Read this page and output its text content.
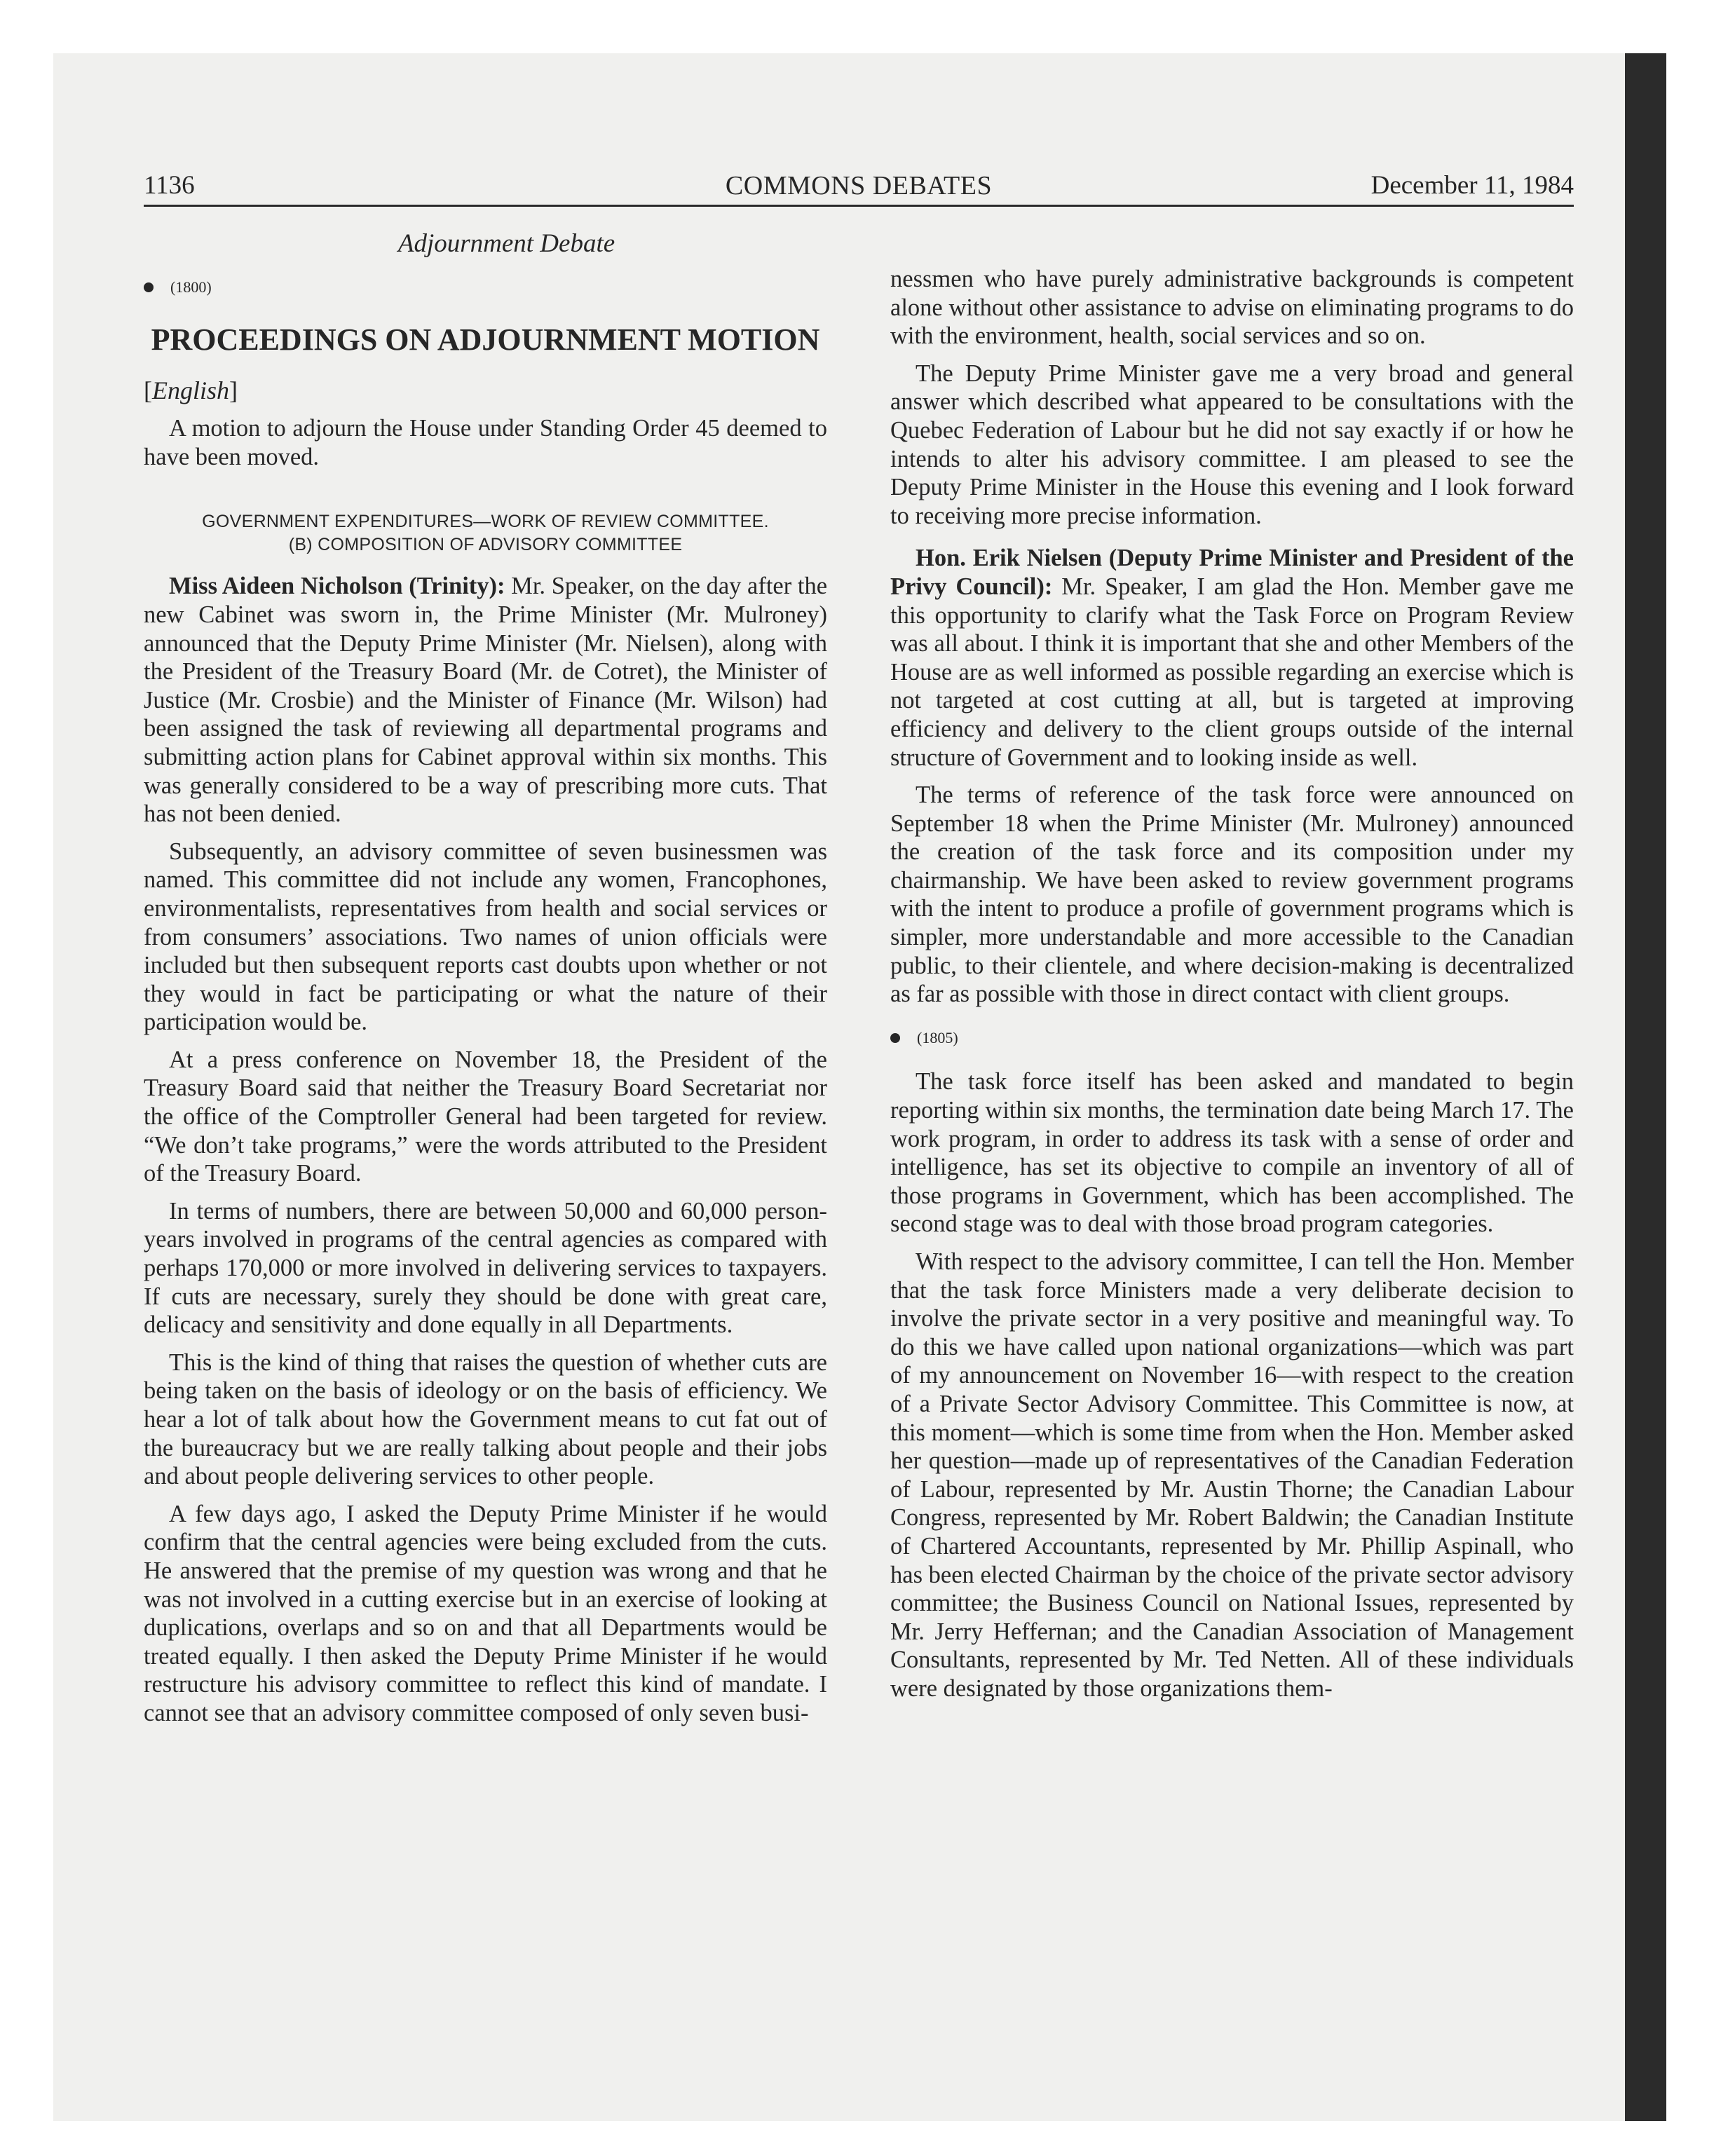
1136	COMMONS DEBATES	December 11, 1984
Adjournment Debate
(1800)
PROCEEDINGS ON ADJOURNMENT MOTION
[English]

A motion to adjourn the House under Standing Order 45 deemed to have been moved.

GOVERNMENT EXPENDITURES—WORK OF REVIEW COMMITTEE.
(B) COMPOSITION OF ADVISORY COMMITTEE

Miss Aideen Nicholson (Trinity): Mr. Speaker, on the day after the new Cabinet was sworn in, the Prime Minister (Mr. Mulroney) announced that the Deputy Prime Minister (Mr. Nielsen), along with the President of the Treasury Board (Mr. de Cotret), the Minister of Justice (Mr. Crosbie) and the Minister of Finance (Mr. Wilson) had been assigned the task of reviewing all departmental programs and submitting action plans for Cabinet approval within six months. This was generally considered to be a way of prescribing more cuts. That has not been denied.

Subsequently, an advisory committee of seven businessmen was named. This committee did not include any women, Francophones, environmentalists, representatives from health and social services or from consumers’ associations. Two names of union officials were included but then subsequent reports cast doubts upon whether or not they would in fact be participating or what the nature of their participation would be.

At a press conference on November 18, the President of the Treasury Board said that neither the Treasury Board Secretariat nor the office of the Comptroller General had been targeted for review. “We don’t take programs,” were the words attributed to the President of the Treasury Board.

In terms of numbers, there are between 50,000 and 60,000 person-years involved in programs of the central agencies as compared with perhaps 170,000 or more involved in delivering services to taxpayers. If cuts are necessary, surely they should be done with great care, delicacy and sensitivity and done equally in all Departments.

This is the kind of thing that raises the question of whether cuts are being taken on the basis of ideology or on the basis of efficiency. We hear a lot of talk about how the Government means to cut fat out of the bureaucracy but we are really talking about people and their jobs and about people delivering services to other people.

A few days ago, I asked the Deputy Prime Minister if he would confirm that the central agencies were being excluded from the cuts. He answered that the premise of my question was wrong and that he was not involved in a cutting exercise but in an exercise of looking at duplications, overlaps and so on and that all Departments would be treated equally. I then asked the Deputy Prime Minister if he would restructure his advisory committee to reflect this kind of mandate. I cannot see that an advisory committee composed of only seven busi-

nessmen who have purely administrative backgrounds is competent alone without other assistance to advise on eliminating programs to do with the environment, health, social services and so on.

The Deputy Prime Minister gave me a very broad and general answer which described what appeared to be consultations with the Quebec Federation of Labour but he did not say exactly if or how he intends to alter his advisory committee. I am pleased to see the Deputy Prime Minister in the House this evening and I look forward to receiving more precise information.

Hon. Erik Nielsen (Deputy Prime Minister and President of the Privy Council): Mr. Speaker, I am glad the Hon. Member gave me this opportunity to clarify what the Task Force on Program Review was all about. I think it is important that she and other Members of the House are as well informed as possible regarding an exercise which is not targeted at cost cutting at all, but is targeted at improving efficiency and delivery to the client groups outside of the internal structure of Government and to looking inside as well.

The terms of reference of the task force were announced on September 18 when the Prime Minister (Mr. Mulroney) announced the creation of the task force and its composition under my chairmanship. We have been asked to review government programs with the intent to produce a profile of government programs which is simpler, more understandable and more accessible to the Canadian public, to their clientele, and where decision-making is decentralized as far as possible with those in direct contact with client groups.

(1805)

The task force itself has been asked and mandated to begin reporting within six months, the termination date being March 17. The work program, in order to address its task with a sense of order and intelligence, has set its objective to compile an inventory of all of those programs in Government, which has been accomplished. The second stage was to deal with those broad program categories.

With respect to the advisory committee, I can tell the Hon. Member that the task force Ministers made a very deliberate decision to involve the private sector in a very positive and meaningful way. To do this we have called upon national organizations—which was part of my announcement on November 16—with respect to the creation of a Private Sector Advisory Committee. This Committee is now, at this moment—which is some time from when the Hon. Member asked her question—made up of representatives of the Canadian Federation of Labour, represented by Mr. Austin Thorne; the Canadian Labour Congress, represented by Mr. Robert Baldwin; the Canadian Institute of Chartered Accountants, represented by Mr. Phillip Aspinall, who has been elected Chairman by the choice of the private sector advisory committee; the Business Council on National Issues, represented by Mr. Jerry Heffernan; and the Canadian Association of Management Consultants, represented by Mr. Ted Netten. All of these individuals were designated by those organizations them-
